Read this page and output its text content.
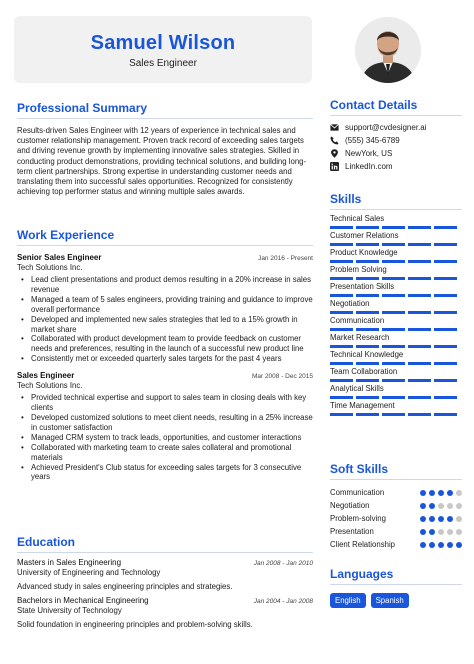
Samuel Wilson
Sales Engineer
Professional Summary
Results-driven Sales Engineer with 12 years of experience in technical sales and customer relationship management. Proven track record of exceeding sales targets and driving revenue growth by implementing innovative sales strategies. Skilled in conducting product demonstrations, providing technical solutions, and building long-term client partnerships. Strong expertise in understanding customer needs and translating them into successful sales opportunities. Recognized for consistently achieving top performer status and winning multiple sales awards.
Work Experience
Senior Sales Engineer	Jan 2016 - Present
Tech Solutions Inc.
• Lead client presentations and product demos resulting in a 20% increase in sales revenue
• Managed a team of 5 sales engineers, providing training and guidance to improve overall performance
• Developed and implemented new sales strategies that led to a 15% growth in market share
• Collaborated with product development team to provide feedback on customer needs and preferences, resulting in the launch of a successful new product line
• Consistently met or exceeded quarterly sales targets for the past 4 years
Sales Engineer	Mar 2008 - Dec 2015
Tech Solutions Inc.
• Provided technical expertise and support to sales team in closing deals with key clients
• Developed customized solutions to meet client needs, resulting in a 25% increase in customer satisfaction
• Managed CRM system to track leads, opportunities, and customer interactions
• Collaborated with marketing team to create sales collateral and promotional materials
• Achieved President's Club status for exceeding sales targets for 3 consecutive years
Education
Masters in Sales Engineering	Jan 2008 - Jan 2010
University of Engineering and Technology
Advanced study in sales engineering principles and strategies.
Bachelors in Mechanical Engineering	Jan 2004 - Jan 2008
State University of Technology
Solid foundation in engineering principles and problem-solving skills.
Contact Details
support@cvdesigner.ai
(555) 345-6789
NewYork, US
LinkedIn.com
Skills
Technical Sales
Customer Relations
Product Knowledge
Problem Solving
Presentation Skills
Negotiation
Communication
Market Research
Technical Knowledge
Team Collaboration
Analytical Skills
Time Management
Soft Skills
Communication
Negotiation
Problem-solving
Presentation
Client Relationship
Languages
English	Spanish
